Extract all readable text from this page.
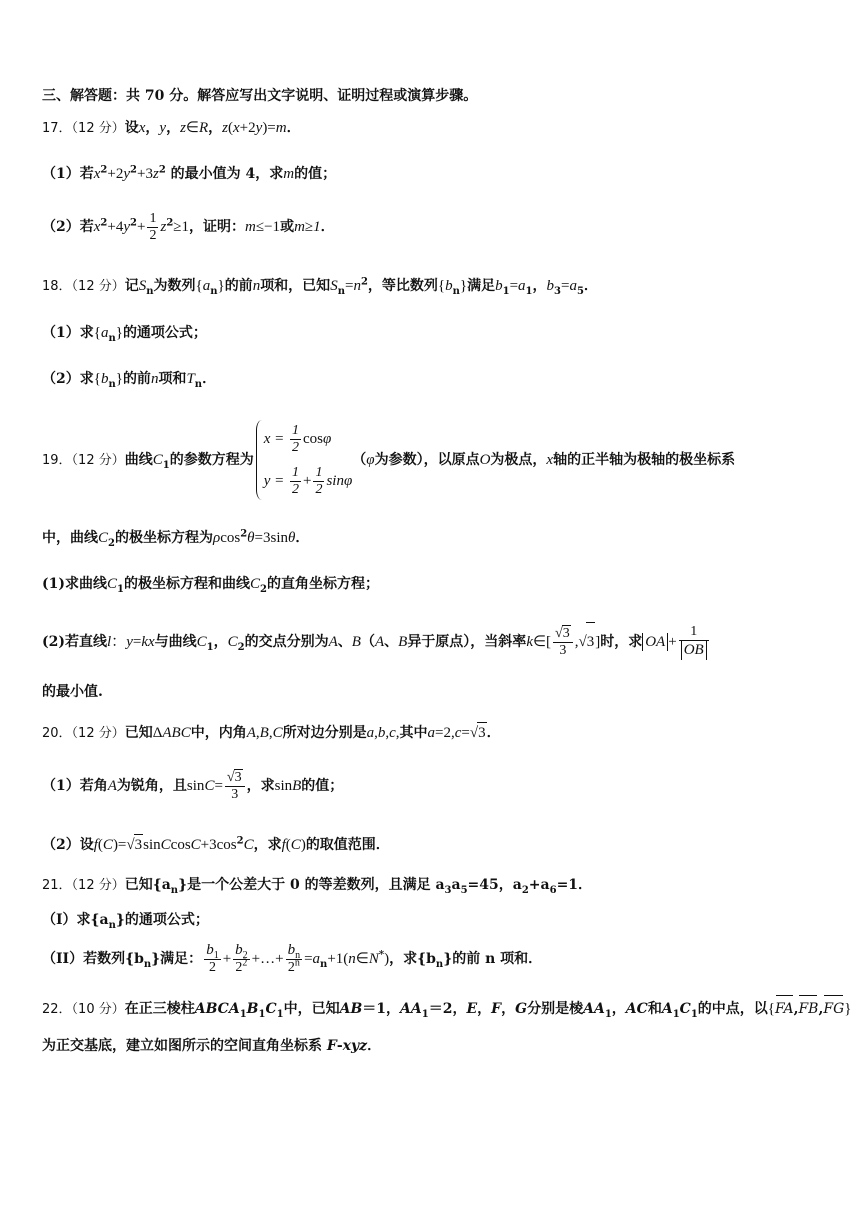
三、解答题：共 70 分。解答应写出文字说明、证明过程或演算步骤。
17．（12 分）设x，y，z∈R，z(x+2y)=m．
（1）若$x^2+2y^2+3z^2$ 的最小值为 4，求m的值；
（2）若$x^2+4y^2+ \frac{1}{2} z^2\ge 1$，证明：m≤−1或m≥1．
18．（12 分）记$S_n$为数列$\{a_n\}$的前n项和，已知$S_n=n^2$，等比数列$\{b_n\}$满足$b_1=a_1$，$b_3=a_5$．
（1）求$\{a_n\}$的通项公式；
（2）求$\{b_n\}$的前n项和$T_n$．
19．（12 分）曲线$C_1$的参数方程为
$x = \frac{1}{2}$ cosφ
$y = \frac{1}{2} + \frac{1}{2}$ sinφ
（φ为参数），以原点O为极点，x轴的正半轴为极轴的极坐标系
中，曲线$C_2$的极坐标方程为ρcos$^2$θ=3sinθ．
(1)求曲线$C_1$的极坐标方程和曲线$C_2$的直角坐标方程；
(2)若直线l：y=kx与曲线$C_1$，$C_2$的交点分别为A、B（A、B异于原点），当斜率k∈[ $\frac{√3}{3} ,√3$]时，求 OA + $\frac{1}{OB}$
的最小值.
20．（12 分）已知ΔABC中，内角A,B,C所对边分别是a,b,c,其中a=2,c=√3．
（1）若角A为锐角，且$\sin C= \frac{√3}{3}$ ，求sinB的值；
（2）设$f(C)=√3sinCcosC+3\cos^2C$，求f(C)的取值范围．
21．（12 分）已知$\{a_n\}$是一个公差大于 0 的等差数列，且满足 $a_3a_5=45$，$a_2+a_6=1$．
（I）求$\{a_n\}$的通项公式；
（II）若数列$\{b_n\}$满足： $\frac{b_1}{2} + \frac{b_2}{2^2}$ +…+ $\frac{b_n}{2^n}$ $=a_n+1(n\in N^*)$，求$\{b_n\}$的前 n 项和．
22．（10 分）在正三棱柱$ABCA_1B_1C_1$中，已知AB＝1，$AA_1=2$，E，F，G分别是棱$AA_1$，AC和$A_1C_1$的中点，以{FA,FB,FG}
为正交基底，建立如图所示的空间直角坐标系 F-xyz．
